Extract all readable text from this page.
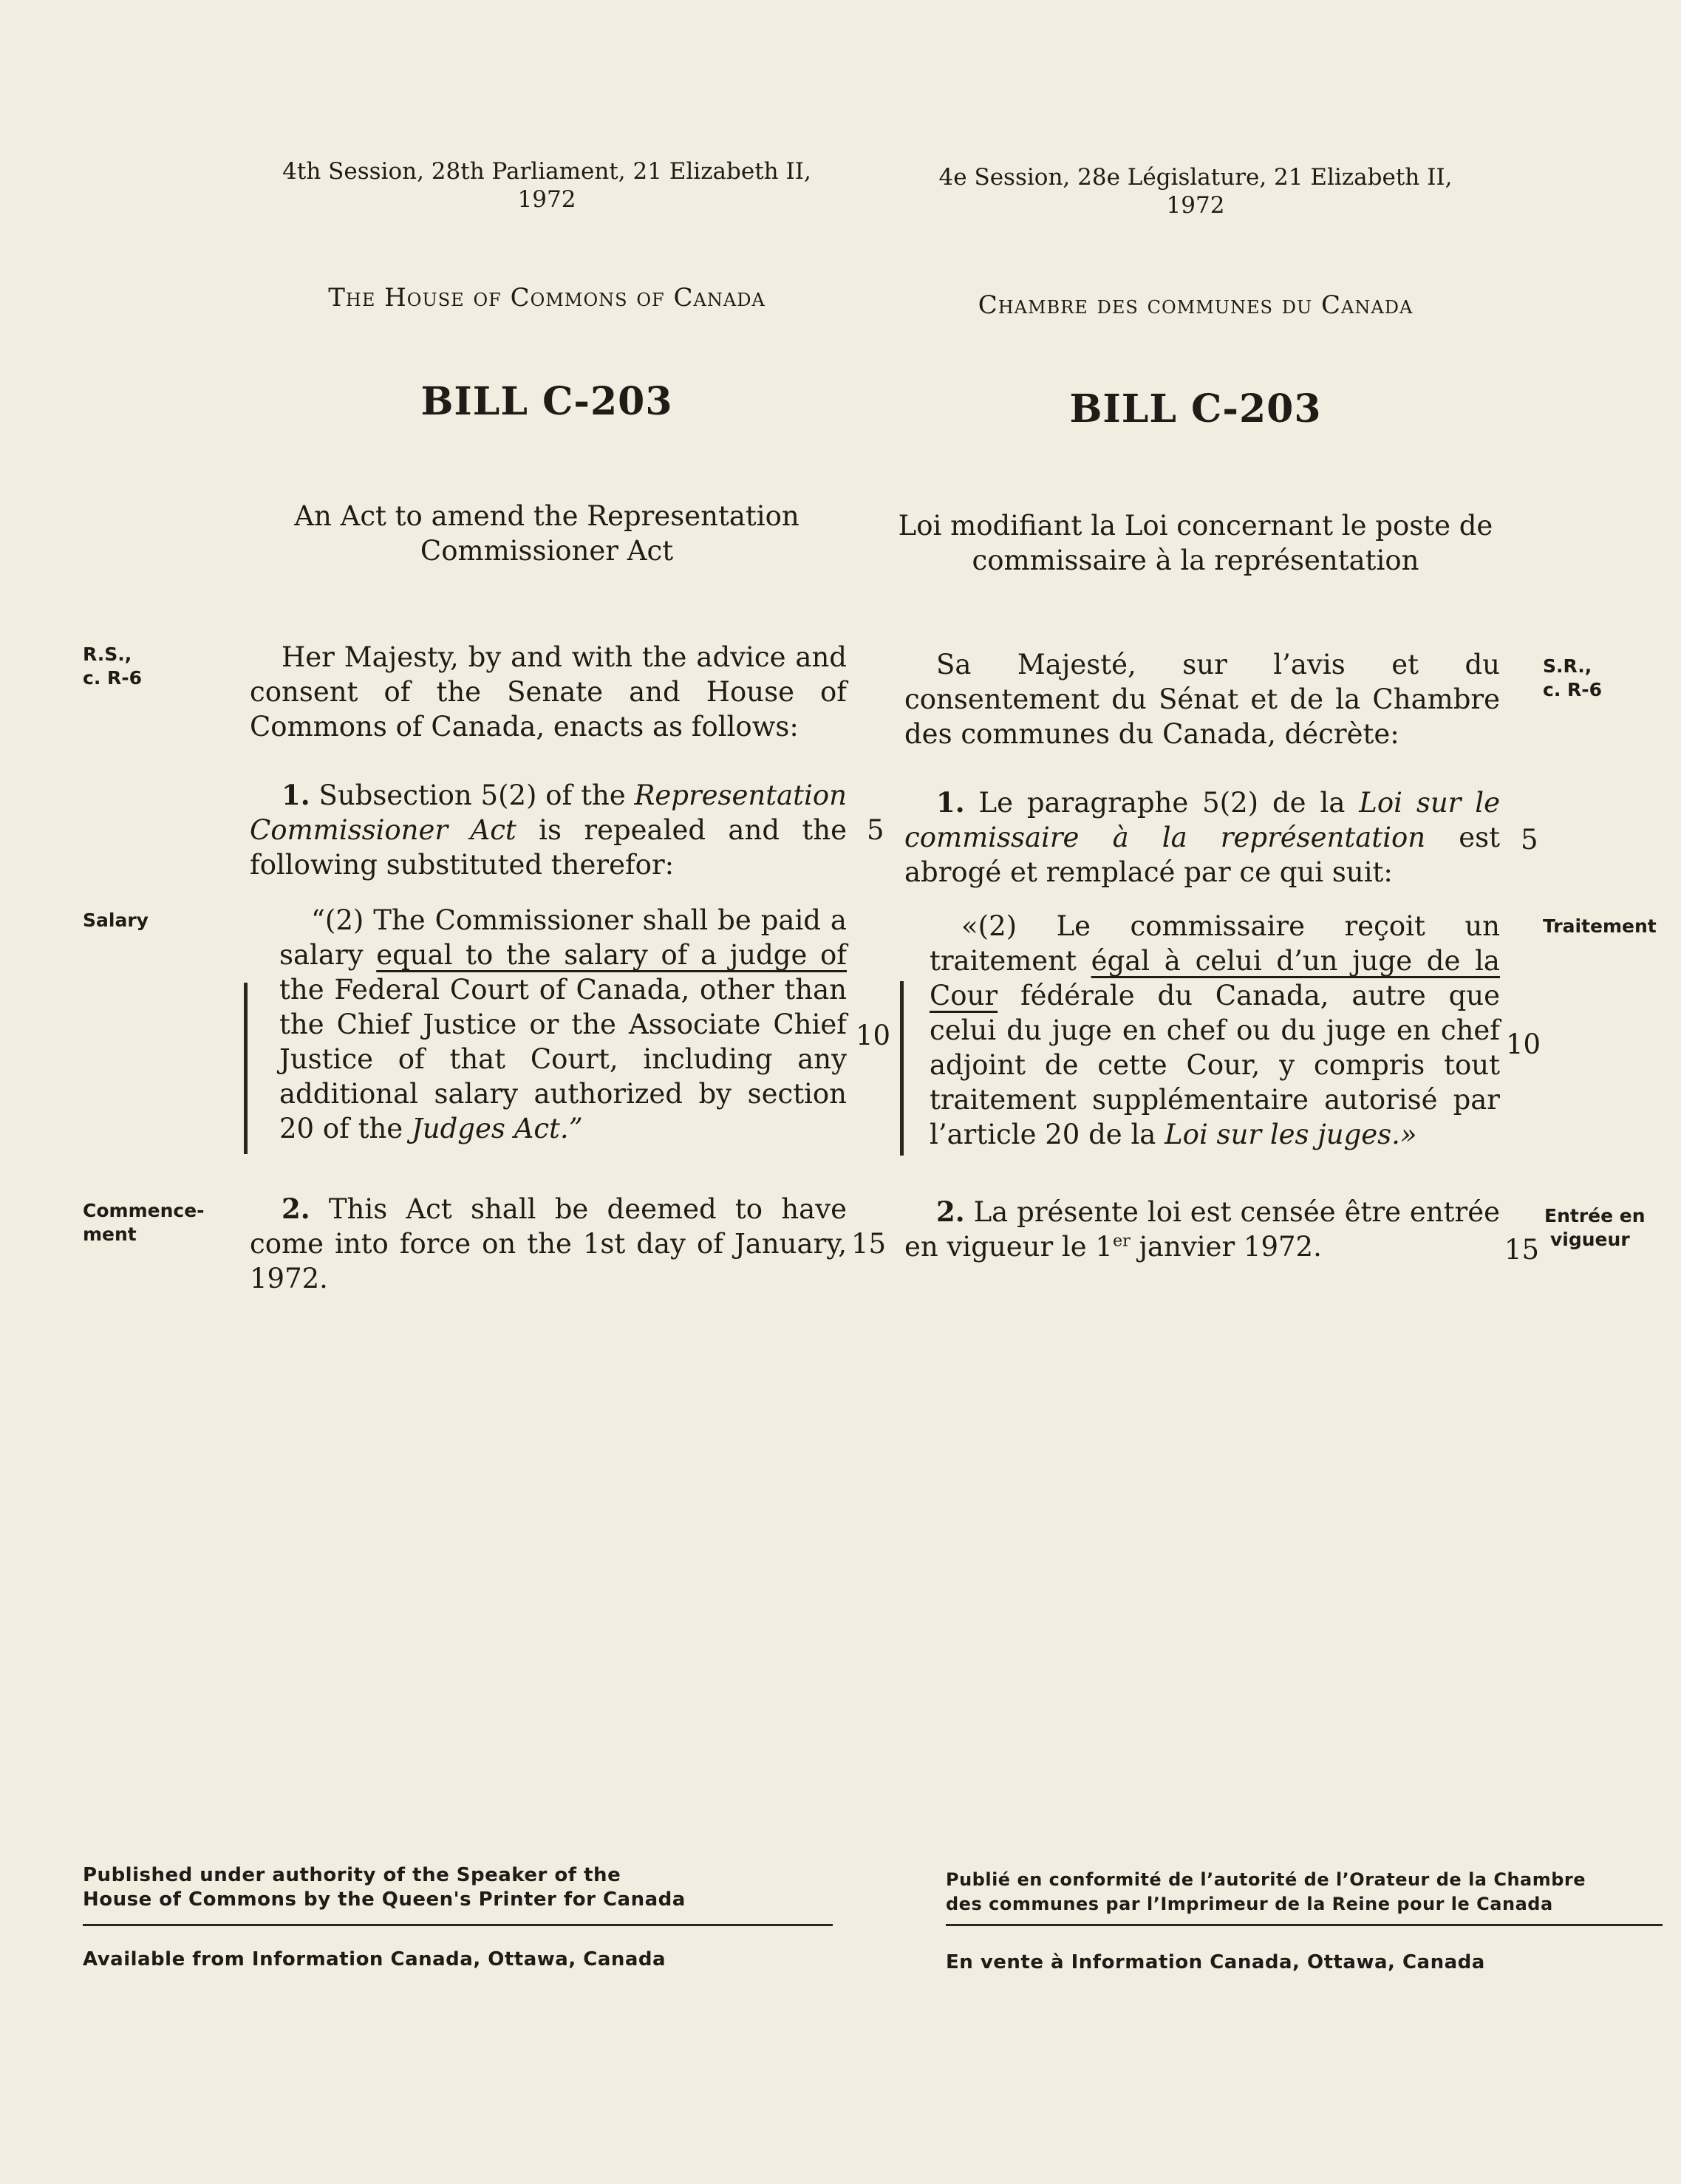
4th Session, 28th Parliament, 21 Elizabeth II,
1972
The House of Commons of Canada
BILL C-203
An Act to amend the Representation
Commissioner Act
R.S.,
c. R-6
Her Majesty, by and with the advice and consent of the Senate and House of Commons of Canada, enacts as follows:
1. Subsection 5(2) of the Representation Commissioner Act is repealed and the following substituted therefor:
5
Salary	“(2) The Commissioner shall be paid a salary equal to the salary of a judge of the Federal Court of Canada, other than the Chief Justice or the Associate Chief Justice of that Court, including any additional salary authorized by section 20 of the Judges Act.”
10
Commence-
ment
2. This Act shall be deemed to have come into force on the 1st day of January, 1972.
15
4e Session, 28e Législature, 21 Elizabeth II,
1972
Chambre des communes du Canada
BILL C-203
Loi modifiant la Loi concernant le poste de
commissaire à la représentation
Sa Majesté, sur l’avis et du consentement du Sénat et de la Chambre des communes du Canada, décrète:
S.R.,
c. R-6
1. Le paragraphe 5(2) de la Loi sur le commissaire à la représentation est abrogé et remplacé par ce qui suit:
5
Traitement
«(2) Le commissaire reçoit un traitement égal à celui d’un juge de la Cour fédérale du Canada, autre que celui du juge en chef ou du juge en chef adjoint de cette Cour, y compris tout traitement supplémentaire autorisé par l’article 20 de la Loi sur les juges.»
10
2. La présente loi est censée être entrée en vigueur le 1er janvier 1972.
Entrée en
vigueur
15
Published under authority of the Speaker of the
House of Commons by the Queen's Printer for Canada
Available from Information Canada, Ottawa, Canada
Publié en conformité de l’autorité de l’Orateur de la Chambre
des communes par l’Imprimeur de la Reine pour le Canada
En vente à Information Canada, Ottawa, Canada
